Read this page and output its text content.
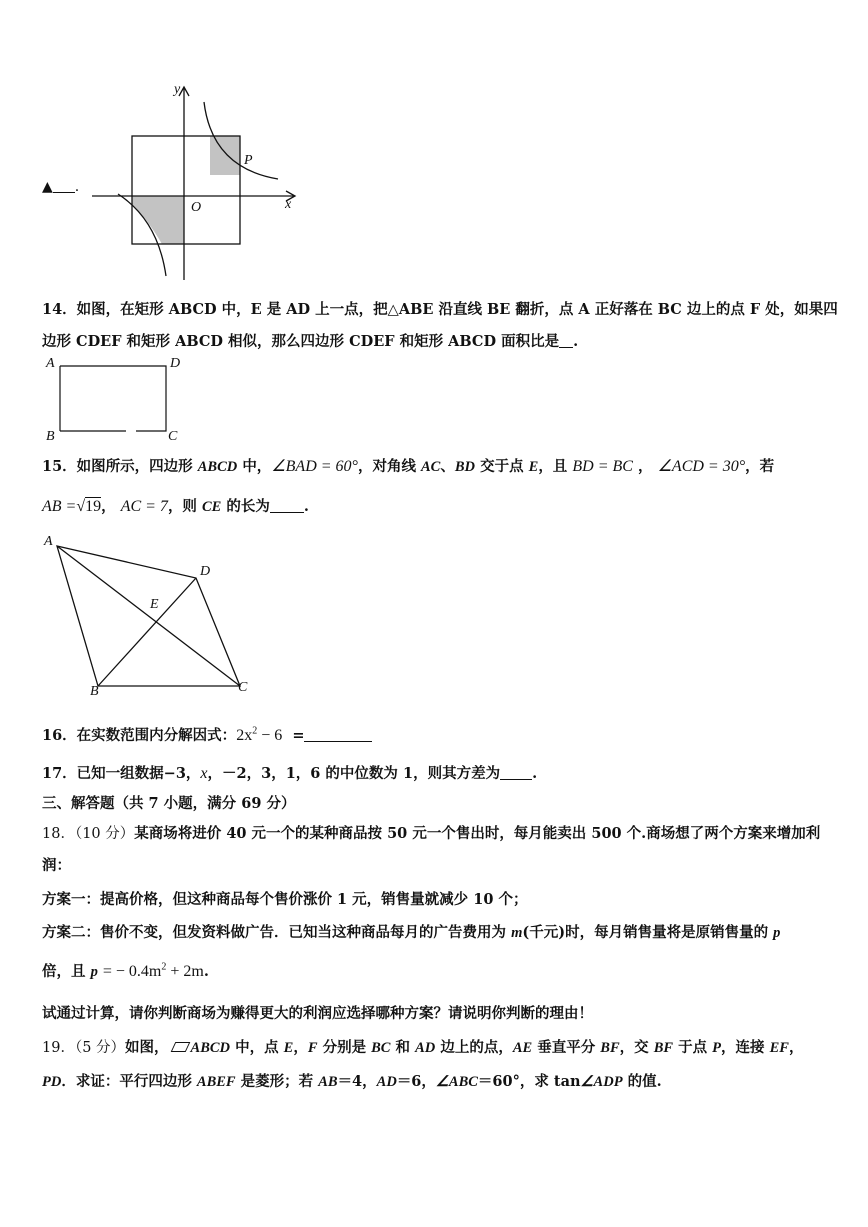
▲ .
y
x
O
P
14．如图，在矩形 ABCD 中，E 是 AD 上一点，把△ABE 沿直线 BE 翻折，点 A 正好落在 BC 边上的点 F 处，如果四
边形 CDEF 和矩形 ABCD 相似，那么四边形 CDEF 和矩形 ABCD 面积比是 .
A	D
B	C
15．如图所示，四边形 ABCD 中，∠BAD = 60°，对角线 AC、BD 交于点 E，且 BD = BC ， ∠ACD = 30°，若
AB =√19， AC = 7，则 CE 的长为 .
A
D
E
B	C
16．在实数范围内分解因式：$2x^2 - 6$ =
17．已知一组数据−3，x，－2，3，1，6 的中位数为 1，则其方差为 .
三、解答题（共 7 小题，满分 69 分）
18．（10 分）某商场将进价 40 元一个的某种商品按 50 元一个售出时，每月能卖出 500 个.商场想了两个方案来增加利
润：
方案一：提高价格，但这种商品每个售价涨价 1 元，销售量就减少 10 个；
方案二：售价不变，但发资料做广告．已知当这种商品每月的广告费用为 m(千元)时，每月销售量将是原销售量的 p
倍，且 p = − $0.4m^2 + 2m$.
试通过计算，请你判断商场为赚得更大的利润应选择哪种方案？请说明你判断的理由！
19．（5 分）如图， ABCD 中，点 E，F 分别是 BC 和 AD 边上的点，AE 垂直平分 BF，交 BF 于点 P，连接 EF，
PD．求证：平行四边形 ABEF 是菱形；若 AB＝4，AD＝6，∠ABC＝60°，求 tan∠ADP 的值.
